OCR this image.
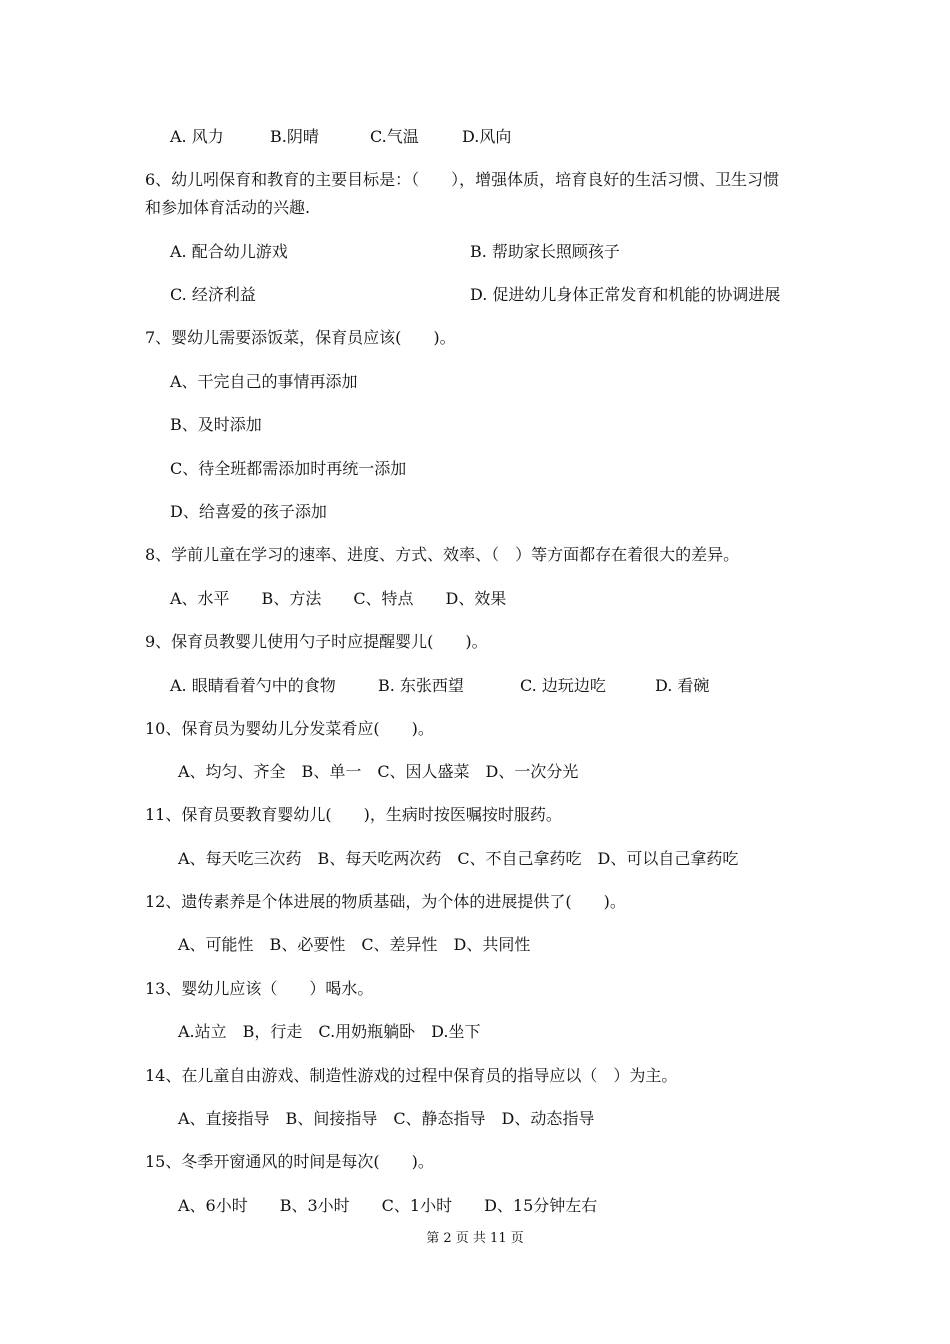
A. 风力	B.阴晴	C.气温	D.风向
6、幼儿吲保育和教育的主要目标是：（　　），增强体质，培育良好的生活习惯、卫生习惯
和参加体育活动的兴趣.
A. 配合幼儿游戏	B. 帮助家长照顾孩子
C. 经济利益	D. 促进幼儿身体正常发育和机能的协调进展
7、婴幼儿需要添饭菜，保育员应该(　　)。
A、干完自己的事情再添加
B、及时添加
C、待全班都需添加时再统一添加
D、给喜爱的孩子添加
8、学前儿童在学习的速率、进度、方式、效率、（　）等方面都存在着很大的差异。
A、水平　　B、方法　　C、特点　　D、效果
9、保育员教婴儿使用勺子时应提醒婴儿(　　)。
A. 眼睛看着勺中的食物	B. 东张西望	C. 边玩边吃	D. 看碗
10、保育员为婴幼儿分发菜肴应(　　)。
A、均匀、齐全　B、单一　C、因人盛菜　D、一次分光
11、保育员要教育婴幼儿(　　)，生病时按医嘱按时服药。
A、每天吃三次药　B、每天吃两次药　C、不自己拿药吃　D、可以自己拿药吃
12、遗传素养是个体进展的物质基础，为个体的进展提供了(　　)。
A、可能性　B、必要性　C、差异性　D、共同性
13、婴幼儿应该（　　）喝水。
A.站立　B，行走　C.用奶瓶躺卧　D.坐下
14、在儿童自由游戏、制造性游戏的过程中保育员的指导应以（　）为主。
A、直接指导　B、间接指导　C、静态指导　D、动态指导
15、冬季开窗通风的时间是每次(　　)。
A、6小时　　B、3小时　　C、1小时　　D、15分钟左右
第 2 页 共 11 页
